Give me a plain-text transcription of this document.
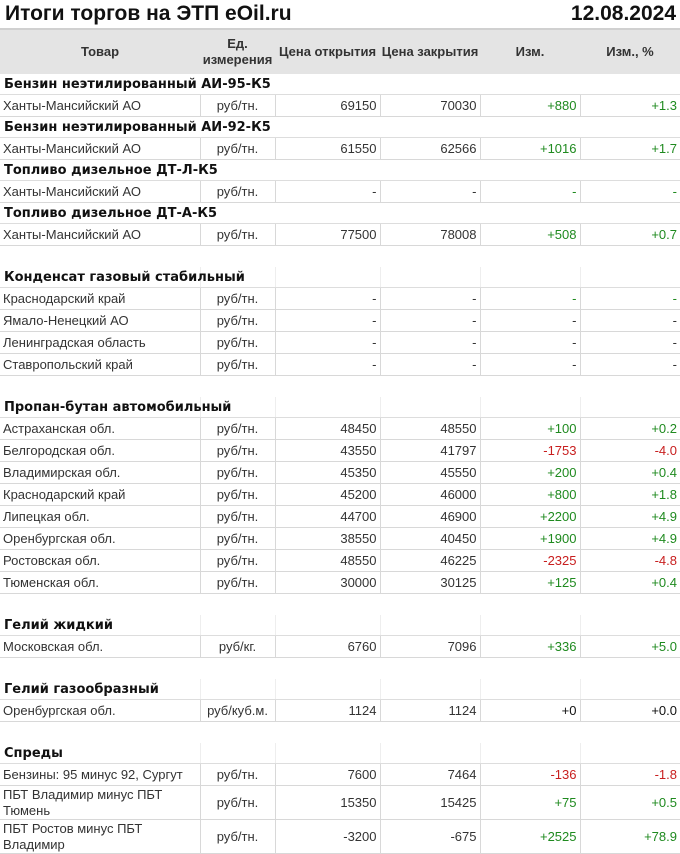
Итоги торгов на ЭТП eOil.ru	12.08.2024
Товар	Ед. измерения	Цена открытия	Цена закрытия	Изм.	Изм., %
Бензин неэтилированный АИ-95-К5					
Ханты-Мансийский АО	руб/тн.	69150	70030	+880	+1.3
Бензин неэтилированный АИ-92-К5					
Ханты-Мансийский АО	руб/тн.	61550	62566	+1016	+1.7
Топливо дизельное ДТ-Л-К5					
Ханты-Мансийский АО	руб/тн.	-	-	-	-
Топливо дизельное ДТ-А-К5					
Ханты-Мансийский АО	руб/тн.	77500	78008	+508	+0.7

Конденсат газовый стабильный					
Краснодарский край	руб/тн.	-	-	-	-
Ямало-Ненецкий АО	руб/тн.	-	-	-	-
Ленинградская область	руб/тн.	-	-	-	-
Ставропольский край	руб/тн.	-	-	-	-

Пропан-бутан автомобильный					
Астраханская обл.	руб/тн.	48450	48550	+100	+0.2
Белгородская обл.	руб/тн.	43550	41797	-1753	-4.0
Владимирская обл.	руб/тн.	45350	45550	+200	+0.4
Краснодарский край	руб/тн.	45200	46000	+800	+1.8
Липецкая обл.	руб/тн.	44700	46900	+2200	+4.9
Оренбургская обл.	руб/тн.	38550	40450	+1900	+4.9
Ростовская обл.	руб/тн.	48550	46225	-2325	-4.8
Тюменская обл.	руб/тн.	30000	30125	+125	+0.4

Гелий жидкий					
Московская обл.	руб/кг.	6760	7096	+336	+5.0

Гелий газообразный					
Оренбургская обл.	руб/куб.м.	1124	1124	+0	+0.0

Спреды					
Бензины: 95 минус 92, Сургут	руб/тн.	7600	7464	-136	-1.8
ПБТ Владимир минус ПБТ Тюмень	руб/тн.	15350	15425	+75	+0.5
ПБТ Ростов минус ПБТ Владимир	руб/тн.	-3200	-675	+2525	+78.9
